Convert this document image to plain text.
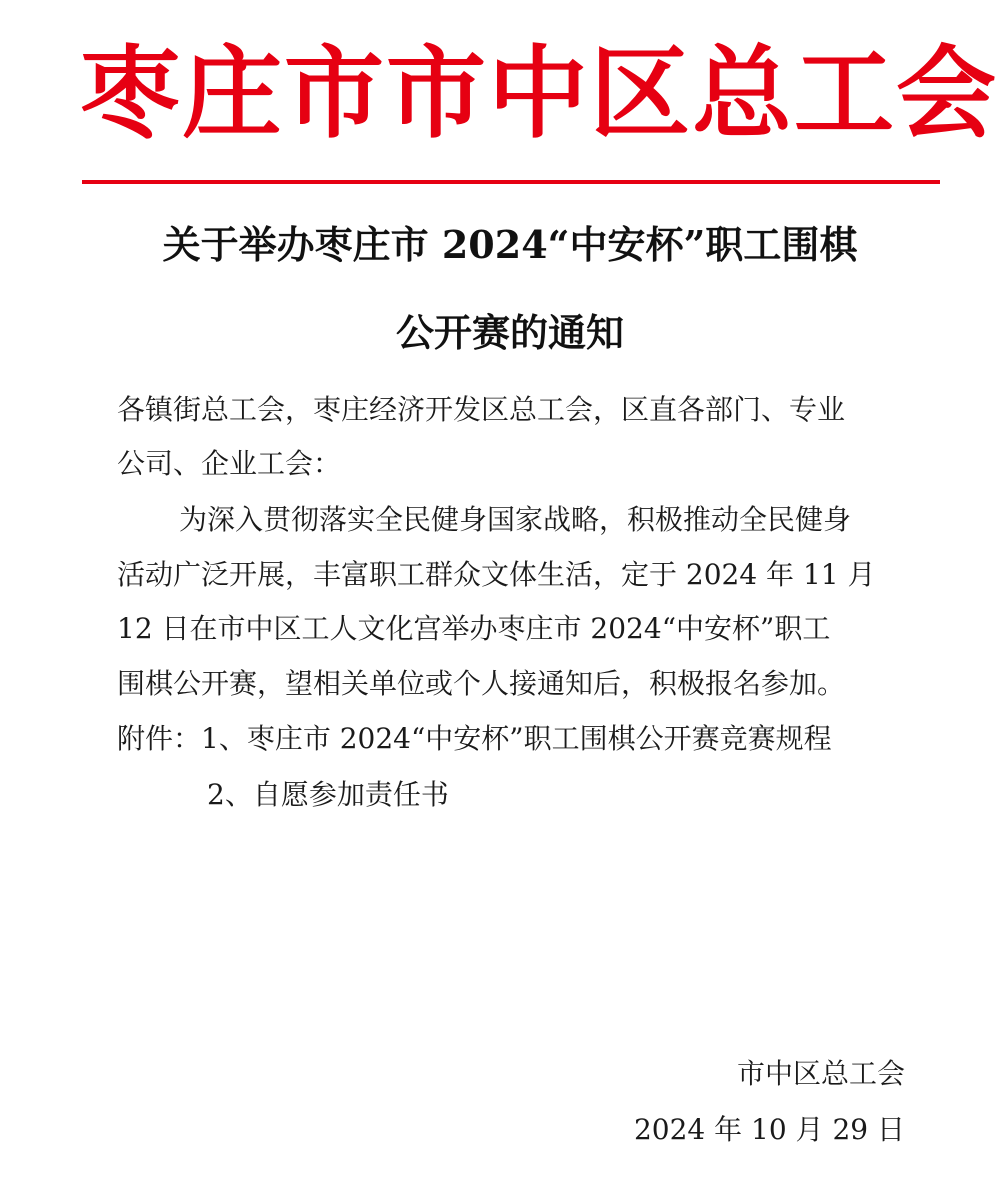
枣庄市市中区总工会
关于举办枣庄市 2024“中安杯”职工围棋
公开赛的通知
各镇街总工会，枣庄经济开发区总工会，区直各部门、专业
公司、企业工会：
为深入贯彻落实全民健身国家战略，积极推动全民健身
活动广泛开展，丰富职工群众文体生活，定于 2024 年 11 月
12 日在市中区工人文化宫举办枣庄市 2024“中安杯”职工
围棋公开赛，望相关单位或个人接通知后，积极报名参加。
附件：1、枣庄市 2024“中安杯”职工围棋公开赛竞赛规程
2、自愿参加责任书
市中区总工会
2024 年 10 月 29 日
